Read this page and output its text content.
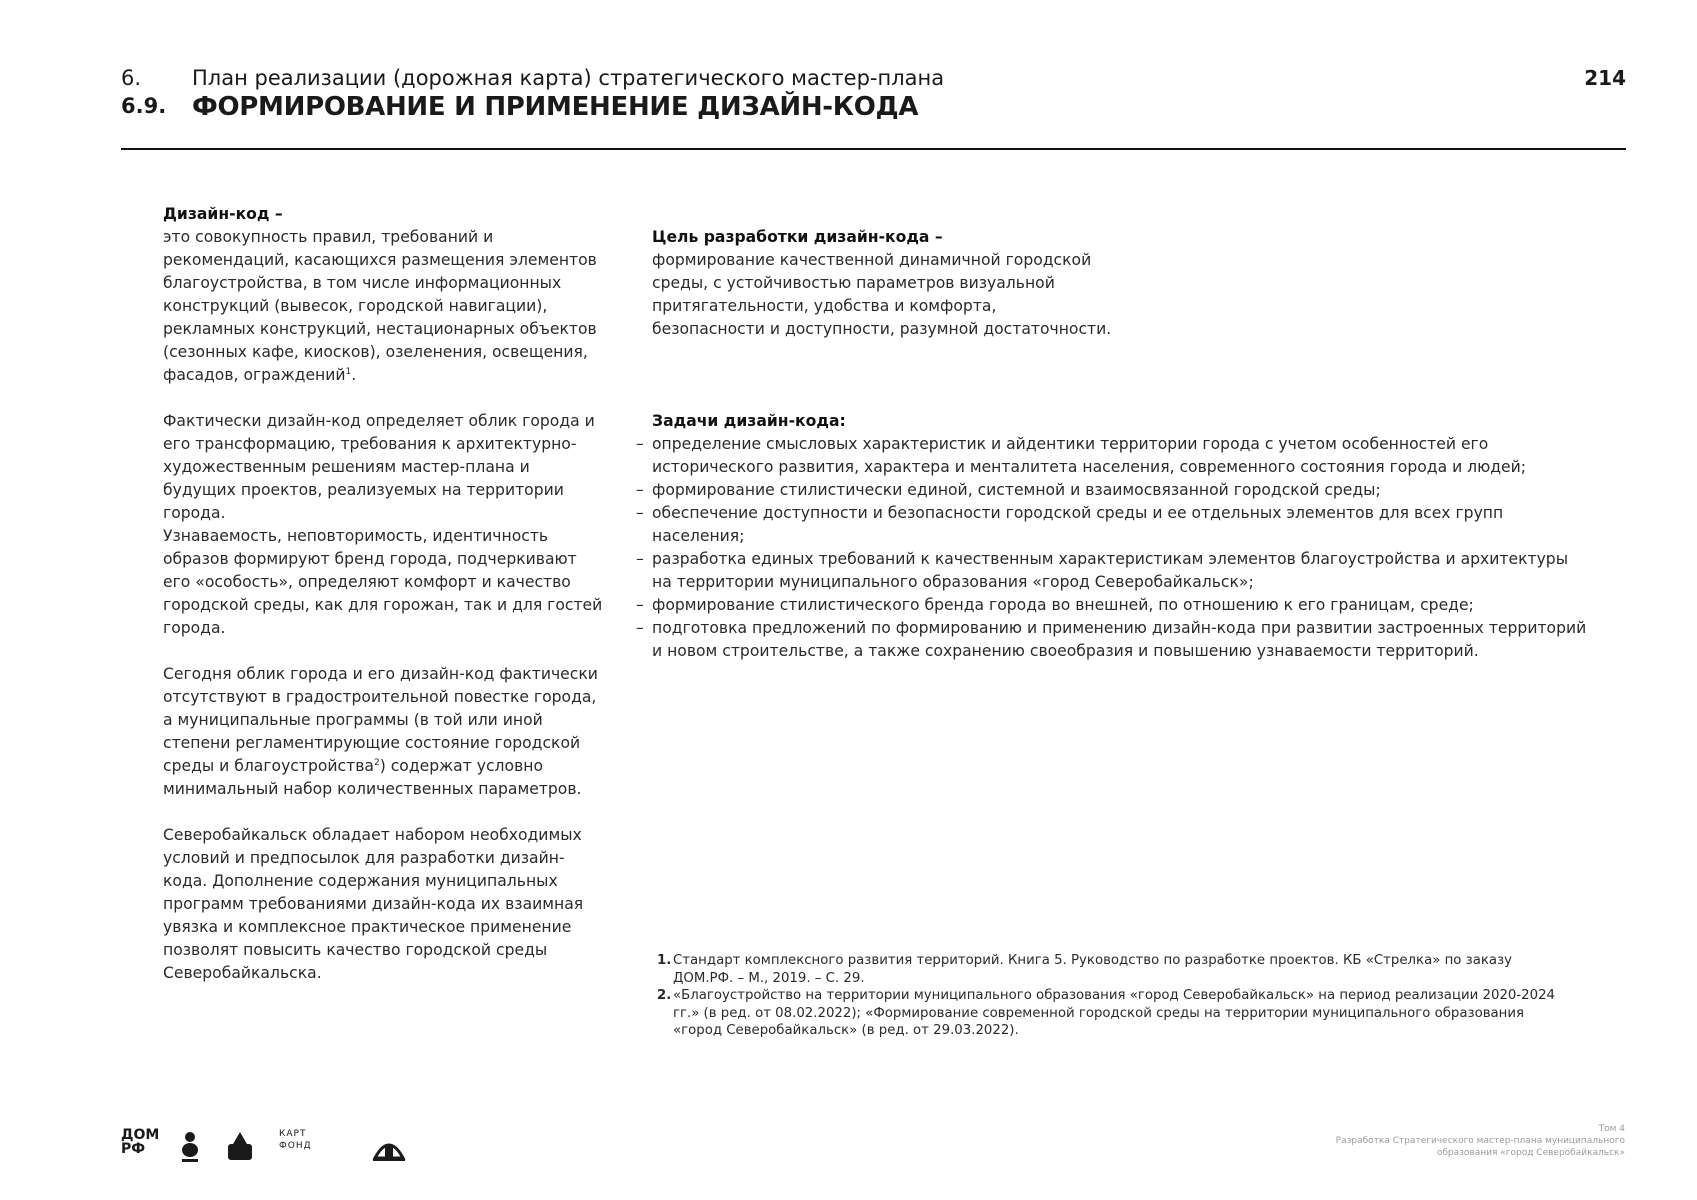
6. План реализации (дорожная карта) стратегического мастер-плана
6.9. ФОРМИРОВАНИЕ И ПРИМЕНЕНИЕ ДИЗАЙН-КОДА
214

Дизайн-код –

это совокупность правил, требований и рекомендаций, касающихся размещения элементов благоустройства, в том числе информационных конструкций (вывесок, городской навигации), рекламных конструкций, нестационарных объектов (сезонных кафе, киосков), озеленения, освещения, фасадов, ограждений$^1$.

Фактически дизайн-код определяет облик города и его трансформацию, требования к архитектурно-художественным решениям мастер-плана и будущих проектов, реализуемых на территории города.

Узнаваемость, неповторимость, идентичность образов формируют бренд города, подчеркивают его «особость», определяют комфорт и качество городской среды, как для горожан, так и для гостей города.

Сегодня облик города и его дизайн-код фактически отсутствуют в градостроительной повестке города, а муниципальные программы (в той или иной степени регламентирующие состояние городской среды и благоустройства$^2$) содержат условно минимальный набор количественных параметров.

Северобайкальск обладает набором необходимых условий и предпосылок для разработки дизайн-кода. Дополнение содержания муниципальных программ требованиями дизайн-кода их взаимная увязка и комплексное практическое применение позволят повысить качество городской среды Северобайкальска.

Цель разработки дизайн-кода –

формирование качественной динамичной городской среды, с устойчивостью параметров визуальной притягательности, удобства и комфорта, безопасности и доступности, разумной достаточности.

Задачи дизайн-кода:

– определение смысловых характеристик и айдентики территории города с учетом особенностей его исторического развития, характера и менталитета населения, современного состояния города и людей;
– формирование стилистически единой, системной и взаимосвязанной городской среды;
– обеспечение доступности и безопасности городской среды и ее отдельных элементов для всех групп населения;
– разработка единых требований к качественным характеристикам элементов благоустройства и архитектуры на территории муниципального образования «город Северобайкальск»;
– формирование стилистического бренда города во внешней, по отношению к его границам, среде;
– подготовка предложений по формированию и применению дизайн-кода при развитии застроенных территорий и новом строительстве, а также сохранению своеобразия и повышению узнаваемости территорий.
1. Стандарт комплексного развития территорий. Книга 5. Руководство по разработке проектов. КБ «Стрелка» по заказу ДОМ.РФ. – М., 2019. – С. 29.
2. «Благоустройство на территории муниципального образования «город Северобайкальск» на период реализации 2020-2024 гг.» (в ред. от 08.02.2022); «Формирование современной городской среды на территории муниципального образования «город Северобайкальск» (в ред. от 29.03.2022).
ДОМ
РФ
КАРТ
ФОНД
Том 4
Разработка Стратегического мастер-плана муниципального
образования «город Северобайкальск»
